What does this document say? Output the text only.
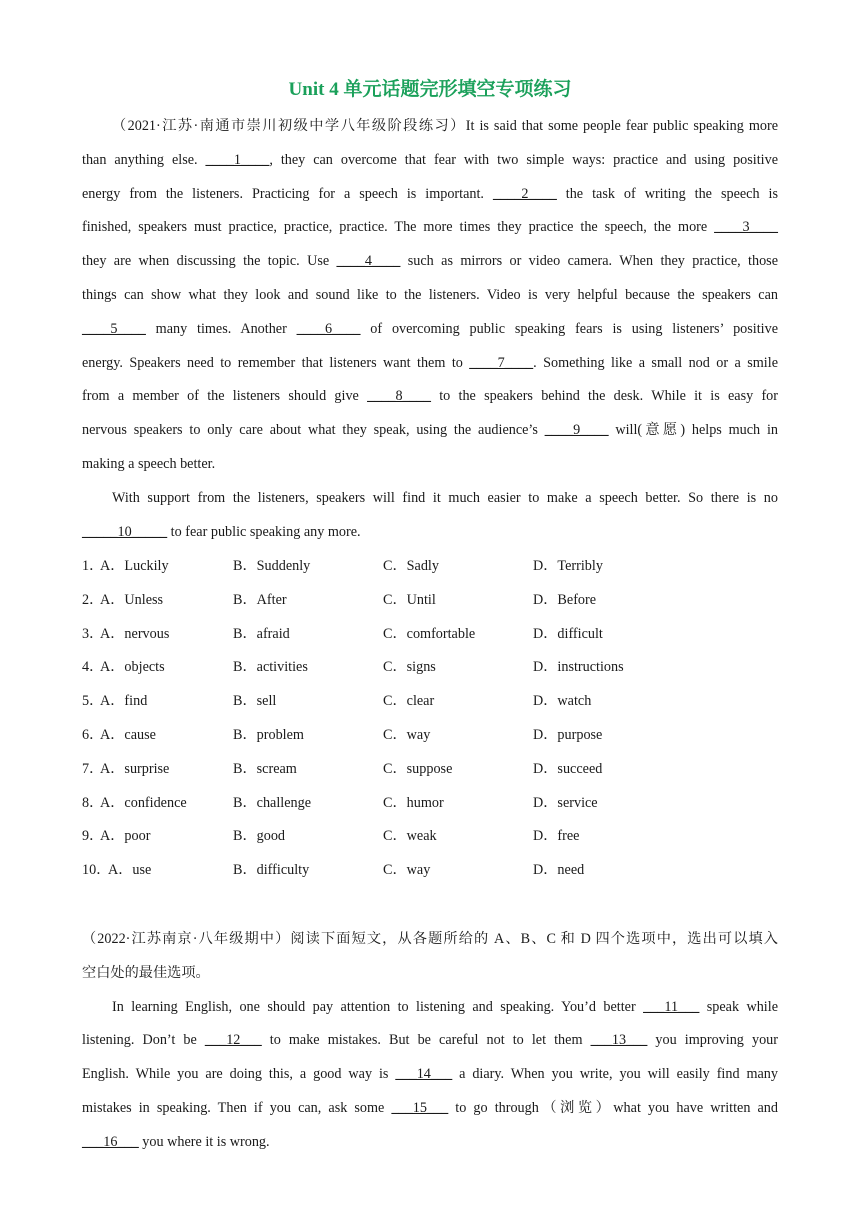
Unit 4 单元话题完形填空专项练习

（2021·江苏·南通市崇川初级中学八年级阶段练习）It is said that some people fear public speaking more

than anything else. ____1____, they can overcome that fear with two simple ways: practice and using positive

energy from the listeners. Practicing for a speech is important. ____2____ the task of writing the speech is

finished, speakers must practice, practice, practice. The more times they practice the speech, the more ____3____

they are when discussing the topic. Use ____4____ such as mirrors or video camera. When they practice, those

things can show what they look and sound like to the listeners. Video is very helpful because the speakers can

____5____ many times. Another ____6____ of overcoming public speaking fears is using listeners’ positive

energy. Speakers need to remember that listeners want them to ____7____. Something like a small nod or a smile

from a member of the listeners should give ____8____ to the speakers behind the desk. While it is easy for

nervous speakers to only care about what they speak, using the audience’s ____9____ will(意愿) helps much in

making a speech better.

With support from the listeners, speakers will find it much easier to make a speech better. So there is no

_____10_____ to fear public speaking any more.

1．
A．Luckily	B．Suddenly	C．Sadly	D．Terribly
2．
A．Unless	B．After	C．Until	D．Before
3．
A．nervous	B．afraid	C．comfortable	D．difficult
4．
A．objects	B．activities	C．signs	D．instructions
5．
A．find	B．sell	C．clear	D．watch
6．
A．cause	B．problem	C．way	D．purpose
7．
A．surprise	B．scream	C．suppose	D．succeed
8．
A．confidence	B．challenge	C．humor	D．service
9．
A．poor	B．good	C．weak	D．free
10．
A．use	B．difficulty	C．way	D．need

（2022·江苏南京·八年级期中）阅读下面短文，从各题所给的 A、B、C 和 D 四个选项中，选出可以填入

空白处的最佳选项。

In learning English, one should pay attention to listening and speaking. You’d better ___11___ speak while

listening. Don’t be ___12___ to make mistakes. But be careful not to let them ___13___ you improving your

English. While you are doing this, a good way is ___14___ a diary. When you write, you will easily find many

mistakes in speaking. Then if you can, ask some ___15___ to go through（浏览）what you have written and

___16___ you where it is wrong.
